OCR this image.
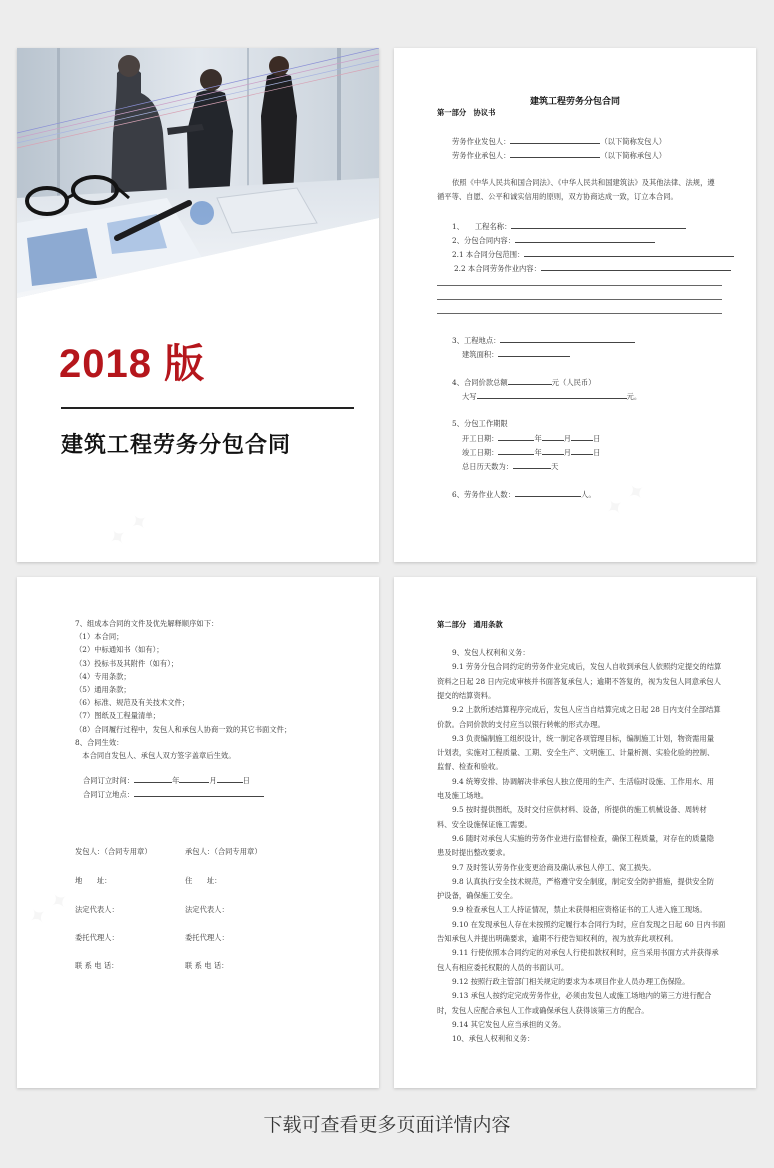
2018 版
建筑工程劳务分包合同
建筑工程劳务分包合同
第一部分　协议书
劳务作业发包人：	（以下简称发包人）
劳务作业承包人：	（以下简称承包人）
依照《中华人民共和国合同法》、《中华人民共和国建筑法》及其他法律、法规，遵
循平等、自愿、公平和诚实信用的原则，双方协商达成一致，订立本合同。
1、　　工程名称：
2、分包合同内容：
2.1 本合同分包范围：
2.2 本合同劳务作业内容：
3、工程地点：
建筑面积：
4、合同价款总额	元（人民币）
大写	元。
5、分包工作期限
开工日期：	年	月	日
竣工日期：	年	月	日
总日历天数为：	天
6、劳务作业人数：	人。
7、组成本合同的文件及优先解释顺序如下：
（1）本合同；
（2）中标通知书（如有）；
（3）投标书及其附件（如有）；
（4）专用条款；
（5）通用条款；
（6）标准、规范及有关技术文件；
（7）图纸及工程量清单；
（8）合同履行过程中，发包人和承包人协商一致的其它书面文件；
8、合同生效：
　本合同自发包人、承包人双方签字盖章后生效。
合同订立时间：	年	月	日
合同订立地点：
发包人：（合同专用章）	承包人：（合同专用章）
地　　址：	住　　址：
法定代表人：	法定代表人：
委托代理人：	委托代理人：
联 系 电 话：	联 系 电 话：
第二部分　通用条款
9、发包人权利和义务：
9.1 劳务分包合同约定的劳务作业完成后，发包人自收到承包人依照约定提交的结算
资料之日起 28 日内完成审核并书面答复承包人；逾期不答复的，视为发包人同意承包人
提交的结算资料。
9.2 上款所述结算程序完成后，发包人应当自结算完成之日起 28 日内支付全部结算
价款。合同价款的支付应当以银行转帐的形式办理。
9.3 负责编制施工组织设计，统一制定各项管理目标，编制施工计划，物资需用量
计划表，实施对工程质量、工期、安全生产、文明施工、计量析测、实验化验的控制、
监督、检查和验收。
9.4 统筹安排、协调解决非承包人独立使用的生产、生活临时设施、工作用水、用
电及施工场地。
9.5 按时提供图纸，及时交付应供材料、设备，所提供的施工机械设备、周转材
料、安全设施保证施工需要。
9.6 随时对承包人实施的劳务作业进行监督检查，确保工程质量，对存在的质量隐
患及时提出整改要求。
9.7 及时签认劳务作业变更洽商及确认承包人停工、窝工损失。
9.8 认真执行安全技术规范，严格遵守安全制度，制定安全防护措施，提供安全防
护设备，确保施工安全。
9.9 检查承包人工人持证情况，禁止未获得相应资格证书的工人进入施工现场。
9.10 在发现承包人存在未按照约定履行本合同行为时，应自发现之日起 60 日内书面
告知承包人并提出明确要求，逾期不行使告知权利的，视为放弃此项权利。
9.11 行使依照本合同约定的对承包人行使扣款权利时，应当采用书面方式并获得承
包人有相应委托权限的人员的书面认可。
9.12 按照行政主管部门相关规定的要求为本项目作业人员办理工伤保险。
9.13 承包人按约定完成劳务作业，必须由发包人或施工场地内的第三方进行配合
时，发包人应配合承包人工作或确保承包人获得该第三方的配合。
9.14 其它发包人应当承担的义务。
10、承包人权利和义务：
下载可查看更多页面详情内容
